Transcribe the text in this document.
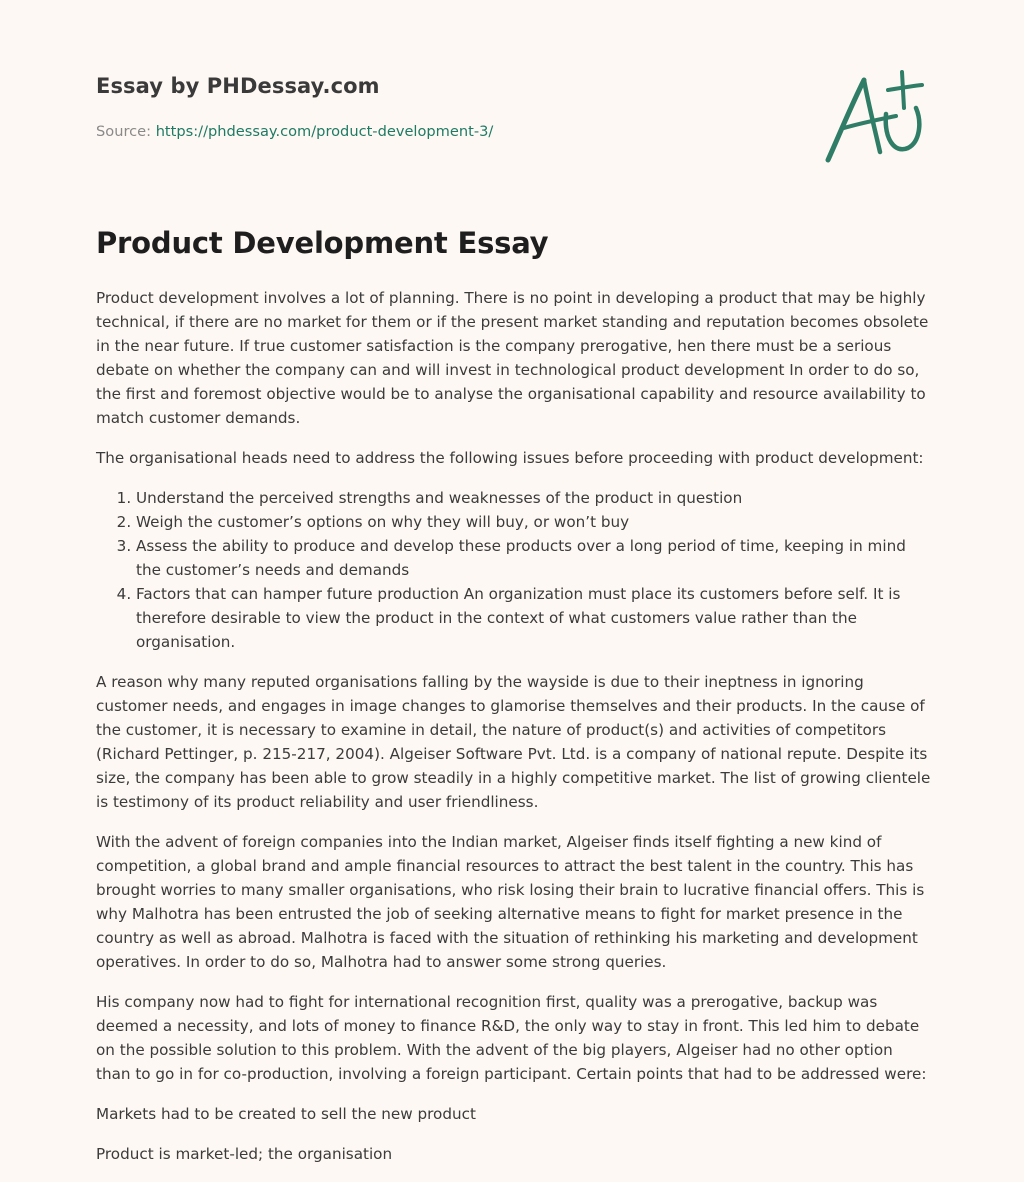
Essay by PHDessay.com
Source: https://phdessay.com/product-development-3/
Product Development Essay

Product development involves a lot of planning. There is no point in developing a product that may be highly technical, if there are no market for them or if the present market standing and reputation becomes obsolete in the near future. If true customer satisfaction is the company prerogative, hen there must be a serious debate on whether the company can and will invest in technological product development In order to do so, the first and foremost objective would be to analyse the organisational capability and resource availability to match customer demands.

The organisational heads need to address the following issues before proceeding with product development:

1. Understand the perceived strengths and weaknesses of the product in question
2. Weigh the customer’s options on why they will buy, or won’t buy
3. Assess the ability to produce and develop these products over a long period of time, keeping in mind the customer’s needs and demands
4. Factors that can hamper future production An organization must place its customers before self. It is therefore desirable to view the product in the context of what customers value rather than the organisation.

A reason why many reputed organisations falling by the wayside is due to their ineptness in ignoring customer needs, and engages in image changes to glamorise themselves and their products. In the cause of the customer, it is necessary to examine in detail, the nature of product(s) and activities of competitors (Richard Pettinger, p. 215-217, 2004). Algeiser Software Pvt. Ltd. is a company of national repute. Despite its size, the company has been able to grow steadily in a highly competitive market. The list of growing clientele is testimony of its product reliability and user friendliness.

With the advent of foreign companies into the Indian market, Algeiser finds itself fighting a new kind of competition, a global brand and ample financial resources to attract the best talent in the country. This has brought worries to many smaller organisations, who risk losing their brain to lucrative financial offers. This is why Malhotra has been entrusted the job of seeking alternative means to fight for market presence in the country as well as abroad. Malhotra is faced with the situation of rethinking his marketing and development operatives. In order to do so, Malhotra had to answer some strong queries.

His company now had to fight for international recognition first, quality was a prerogative, backup was deemed a necessity, and lots of money to finance R&D, the only way to stay in front. This led him to debate on the possible solution to this problem. With the advent of the big players, Algeiser had no other option than to go in for co-production, involving a foreign participant. Certain points that had to be addressed were:

Markets had to be created to sell the new product

Product is market-led; the organisation
